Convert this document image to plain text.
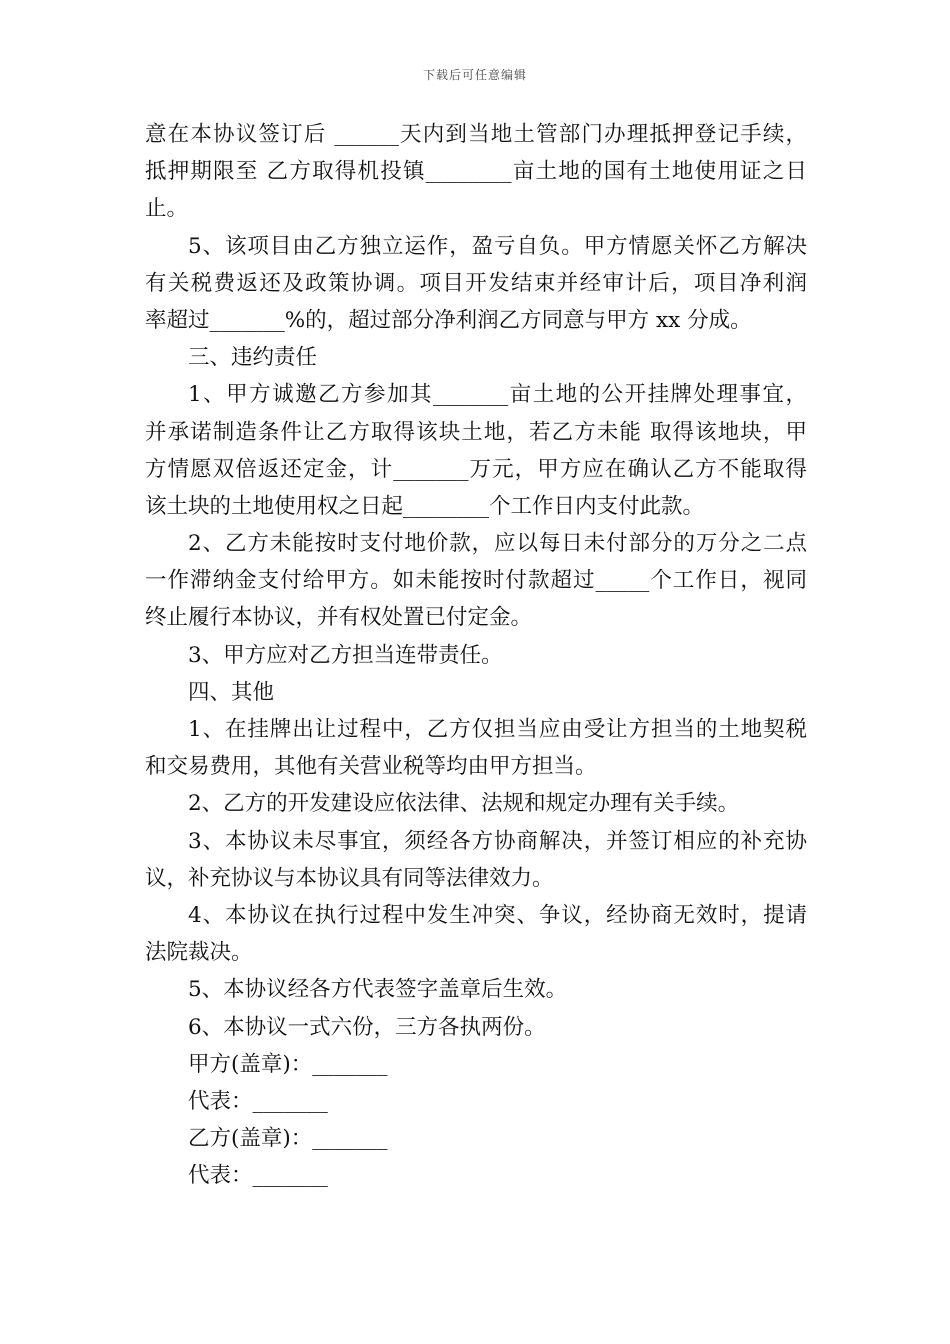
下载后可任意编辑
意在本协议签订后 ______天内到当地土管部门办理抵押登记手续，
抵押期限至 乙方取得机投镇________亩土地的国有土地使用证之日
止。
5、该项目由乙方独立运作，盈亏自负。甲方情愿关怀乙方解决
有关税费返还及政策协调。项目开发结束并经审计后，项目净利润
率超过_______%的，超过部分净利润乙方同意与甲方 xx 分成。
三、违约责任
1、甲方诚邀乙方参加其_______亩土地的公开挂牌处理事宜，
并承诺制造条件让乙方取得该块土地，若乙方未能 取得该地块，甲
方情愿双倍返还定金，计_______万元，甲方应在确认乙方不能取得
该土块的土地使用权之日起________个工作日内支付此款。
2、乙方未能按时支付地价款，应以每日未付部分的万分之二点
一作滞纳金支付给甲方。如未能按时付款超过_____个工作日，视同
终止履行本协议，并有权处置已付定金。
3、甲方应对乙方担当连带责任。
四、其他
1、在挂牌出让过程中，乙方仅担当应由受让方担当的土地契税
和交易费用，其他有关营业税等均由甲方担当。
2、乙方的开发建设应依法律、法规和规定办理有关手续。
3、本协议未尽事宜，须经各方协商解决，并签订相应的补充协
议，补充协议与本协议具有同等法律效力。
4、本协议在执行过程中发生冲突、争议，经协商无效时，提请
法院裁决。
5、本协议经各方代表签字盖章后生效。
6、本协议一式六份，三方各执两份。
甲方(盖章)：_______
代表：_______
乙方(盖章)：_______
代表：_______
